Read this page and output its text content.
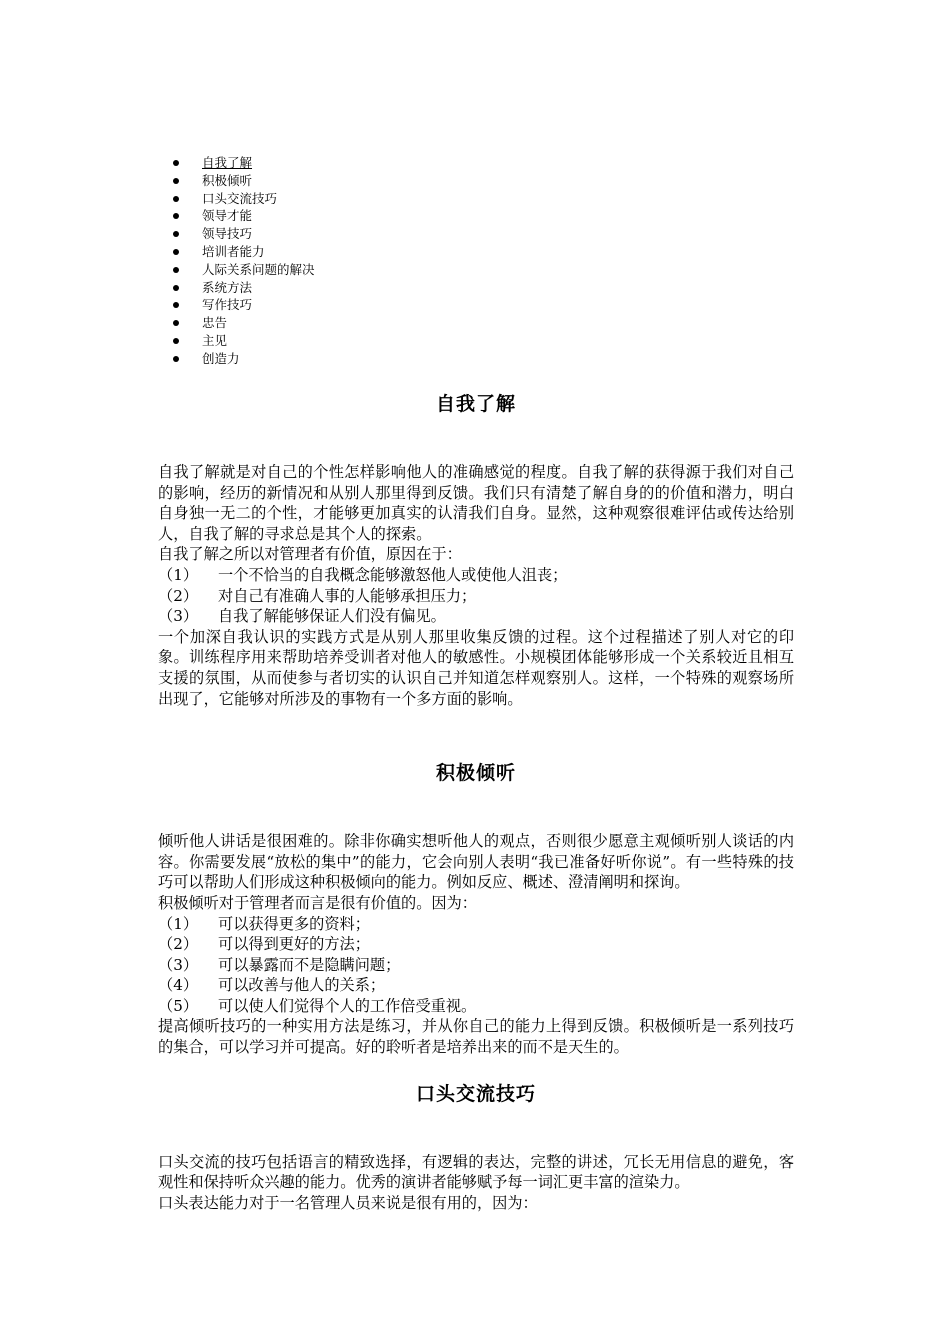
自我了解
积极倾听
口头交流技巧
领导才能
领导技巧
培训者能力
人际关系问题的解决
系统方法
写作技巧
忠告
主见
创造力
自我了解

自我了解就是对自己的个性怎样影响他人的准确感觉的程度。自我了解的获得源于我们对自己的影响，经历的新情况和从别人那里得到反馈。我们只有清楚了解自身的的价值和潜力，明白自身独一无二的个性，才能够更加真实的认清我们自身。显然，这种观察很难评估或传达给别人，自我了解的寻求总是其个人的探索。

自我了解之所以对管理者有价值，原因在于：

（1） 一个不恰当的自我概念能够激怒他人或使他人沮丧；

（2） 对自己有准确人事的人能够承担压力；

（3） 自我了解能够保证人们没有偏见。

一个加深自我认识的实践方式是从别人那里收集反馈的过程。这个过程描述了别人对它的印象。训练程序用来帮助培养受训者对他人的敏感性。小规模团体能够形成一个关系较近且相互支援的氛围，从而使参与者切实的认识自己并知道怎样观察别人。这样，一个特殊的观察场所出现了，它能够对所涉及的事物有一个多方面的影响。

积极倾听

倾听他人讲话是很困难的。除非你确实想听他人的观点，否则很少愿意主观倾听别人谈话的内容。你需要发展“放松的集中”的能力，它会向别人表明“我已准备好听你说”。有一些特殊的技巧可以帮助人们形成这种积极倾向的能力。例如反应、概述、澄清阐明和探询。

积极倾听对于管理者而言是很有价值的。因为：

（1） 可以获得更多的资料；

（2） 可以得到更好的方法；

（3） 可以暴露而不是隐瞒问题；

（4） 可以改善与他人的关系；

（5） 可以使人们觉得个人的工作倍受重视。

提高倾听技巧的一种实用方法是练习，并从你自己的能力上得到反馈。积极倾听是一系列技巧的集合，可以学习并可提高。好的聆听者是培养出来的而不是天生的。

口头交流技巧

口头交流的技巧包括语言的精致选择，有逻辑的表达，完整的讲述，冗长无用信息的避免，客观性和保持听众兴趣的能力。优秀的演讲者能够赋予每一词汇更丰富的渲染力。

口头表达能力对于一名管理人员来说是很有用的，因为：
